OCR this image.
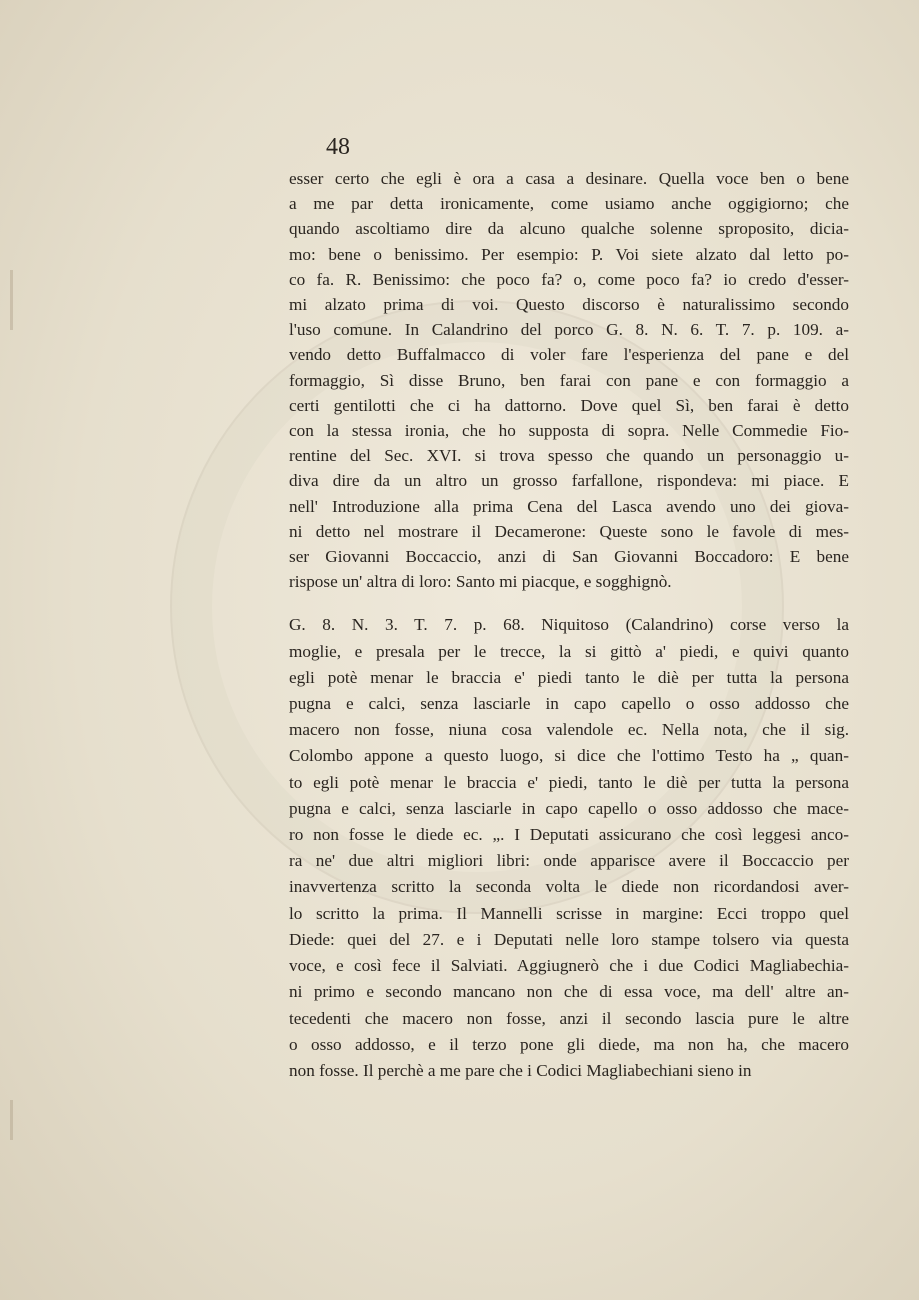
48
esser certo che egli è ora a casa a desinare. Quella voce ben o bene
a me par detta ironicamente, come usiamo anche oggigiorno; che
quando ascoltiamo dire da alcuno qualche solenne sproposito, dicia-
mo: bene o benissimo. Per esempio: P. Voi siete alzato dal letto po-
co fa. R. Benissimo: che poco fa? o, come poco fa? io credo d'esser-
mi alzato prima di voi. Questo discorso è naturalissimo secondo
l'uso comune. In Calandrino del porco G. 8. N. 6. T. 7. p. 109. a-
vendo detto Buffalmacco di voler fare l'esperienza del pane e del
formaggio, Sì disse Bruno, ben farai con pane e con formaggio a
certi gentilotti che ci ha dattorno. Dove quel Sì, ben farai è detto
con la stessa ironia, che ho supposta di sopra. Nelle Commedie Fio-
rentine del Sec. XVI. si trova spesso che quando un personaggio u-
diva dire da un altro un grosso farfallone, rispondeva: mi piace. E
nell' Introduzione alla prima Cena del Lasca avendo uno dei giova-
ni detto nel mostrare il Decamerone: Queste sono le favole di mes-
ser Giovanni Boccaccio, anzi di San Giovanni Boccadoro: E bene
rispose un' altra di loro: Santo mi piacque, e sogghignò.
G. 8. N. 3. T. 7. p. 68. Niquitoso (Calandrino) corse verso la
moglie, e presala per le trecce, la si gittò a' piedi, e quivi quanto
egli potè menar le braccia e' piedi tanto le diè per tutta la persona
pugna e calci, senza lasciarle in capo capello o osso addosso che
macero non fosse, niuna cosa valendole ec. Nella nota, che il sig.
Colombo appone a questo luogo, si dice che l'ottimo Testo ha „ quan-
to egli potè menar le braccia e' piedi, tanto le diè per tutta la persona
pugna e calci, senza lasciarle in capo capello o osso addosso che mace-
ro non fosse le diede ec. „. I Deputati assicurano che così leggesi anco-
ra ne' due altri migliori libri: onde apparisce avere il Boccaccio per
inavvertenza scritto la seconda volta le diede non ricordandosi aver-
lo scritto la prima. Il Mannelli scrisse in margine: Ecci troppo quel
Diede: quei del 27. e i Deputati nelle loro stampe tolsero via questa
voce, e così fece il Salviati. Aggiugnerò che i due Codici Magliabechia-
ni primo e secondo mancano non che di essa voce, ma dell' altre an-
tecedenti che macero non fosse, anzi il secondo lascia pure le altre
o osso addosso, e il terzo pone gli diede, ma non ha, che macero
non fosse. Il perchè a me pare che i Codici Magliabechiani sieno in
